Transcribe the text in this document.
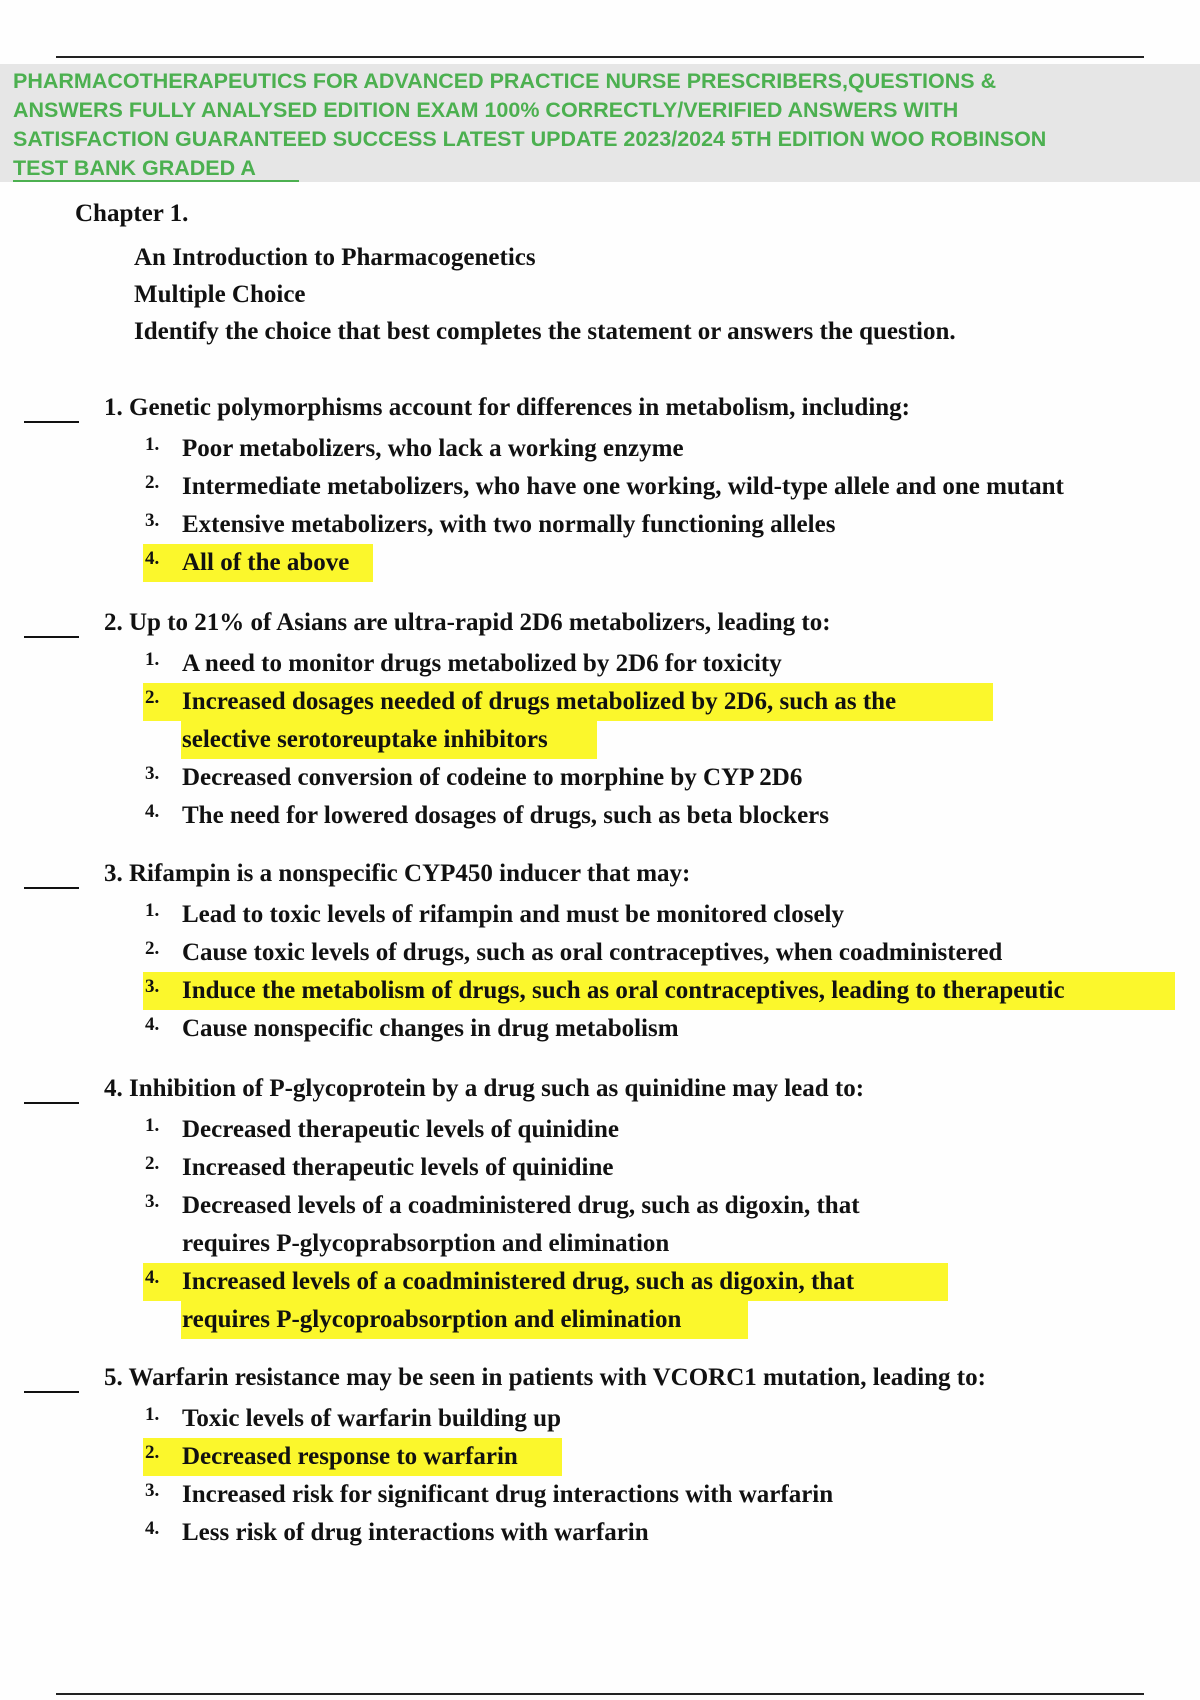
PHARMACOTHERAPEUTICS FOR ADVANCED PRACTICE NURSE PRESCRIBERS,QUESTIONS &
ANSWERS FULLY ANALYSED EDITION EXAM 100% CORRECTLY/VERIFIED ANSWERS WITH
SATISFACTION GUARANTEED SUCCESS LATEST UPDATE 2023/2024 5TH EDITION WOO ROBINSON
TEST BANK GRADED A

Chapter 1.

An Introduction to Pharmacogenetics

Multiple Choice

Identify the choice that best completes the statement or answers the question.

1. Genetic polymorphisms account for differences in metabolism, including:

1. Poor metabolizers, who lack a working enzyme
2. Intermediate metabolizers, who have one working, wild-type allele and one mutant
3. Extensive metabolizers, with two normally functioning alleles
4. All of the above

2. Up to 21% of Asians are ultra-rapid 2D6 metabolizers, leading to:

1. A need to monitor drugs metabolized by 2D6 for toxicity
2. Increased dosages needed of drugs metabolized by 2D6, such as the
selective serotoreuptake inhibitors
3. Decreased conversion of codeine to morphine by CYP 2D6
4. The need for lowered dosages of drugs, such as beta blockers

3. Rifampin is a nonspecific CYP450 inducer that may:

1. Lead to toxic levels of rifampin and must be monitored closely
2. Cause toxic levels of drugs, such as oral contraceptives, when coadministered
3. Induce the metabolism of drugs, such as oral contraceptives, leading to therapeutic
4. Cause nonspecific changes in drug metabolism

4. Inhibition of P-glycoprotein by a drug such as quinidine may lead to:

1. Decreased therapeutic levels of quinidine
2. Increased therapeutic levels of quinidine
3. Decreased levels of a coadministered drug, such as digoxin, that
requires P-glycoprabsorption and elimination
4. Increased levels of a coadministered drug, such as digoxin, that
requires P-glycoproabsorption and elimination

5. Warfarin resistance may be seen in patients with VCORC1 mutation, leading to:

1. Toxic levels of warfarin building up
2. Decreased response to warfarin
3. Increased risk for significant drug interactions with warfarin
4. Less risk of drug interactions with warfarin
